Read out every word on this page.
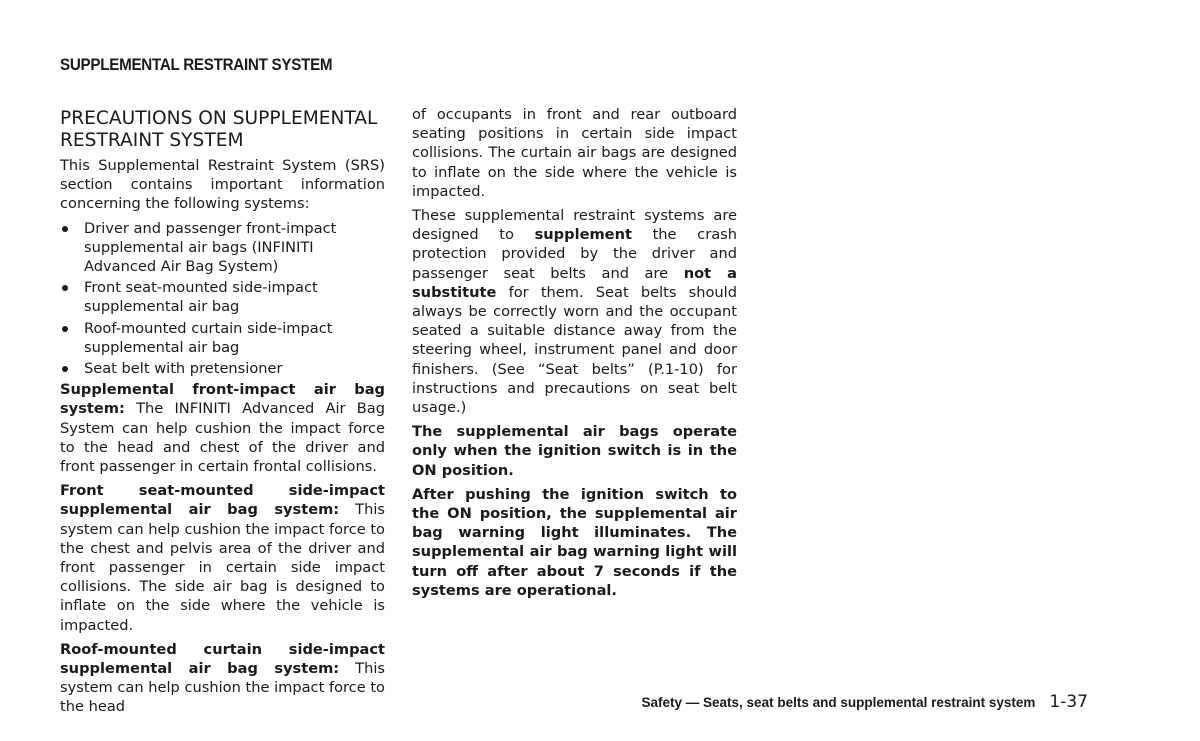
SUPPLEMENTAL RESTRAINT SYSTEM
PRECAUTIONS ON SUPPLEMENTAL RESTRAINT SYSTEM

This Supplemental Restraint System (SRS) section contains important information concerning the following systems:

Driver and passenger front-impact supplemental air bags (INFINITI Advanced Air Bag System)
Front seat-mounted side-impact supplemental air bag
Roof-mounted curtain side-impact supplemental air bag
Seat belt with pretensioner

Supplemental front-impact air bag system: The INFINITI Advanced Air Bag System can help cushion the impact force to the head and chest of the driver and front passenger in certain frontal collisions.

Front seat-mounted side-impact supplemental air bag system: This system can help cushion the impact force to the chest and pelvis area of the driver and front passenger in certain side impact collisions. The side air bag is designed to inflate on the side where the vehicle is impacted.

Roof-mounted curtain side-impact supplemental air bag system: This system can help cushion the impact force to the head

of occupants in front and rear outboard seating positions in certain side impact collisions. The curtain air bags are designed to inflate on the side where the vehicle is impacted.

These supplemental restraint systems are designed to supplement the crash protection provided by the driver and passenger seat belts and are not a substitute for them. Seat belts should always be correctly worn and the occupant seated a suitable distance away from the steering wheel, instrument panel and door finishers. (See “Seat belts” (P.1-10) for instructions and precautions on seat belt usage.)

The supplemental air bags operate only when the ignition switch is in the ON position.

After pushing the ignition switch to the ON position, the supplemental air bag warning light illuminates. The supplemental air bag warning light will turn off after about 7 seconds if the systems are operational.

Safety — Seats, seat belts and supplemental restraint system 1-37
